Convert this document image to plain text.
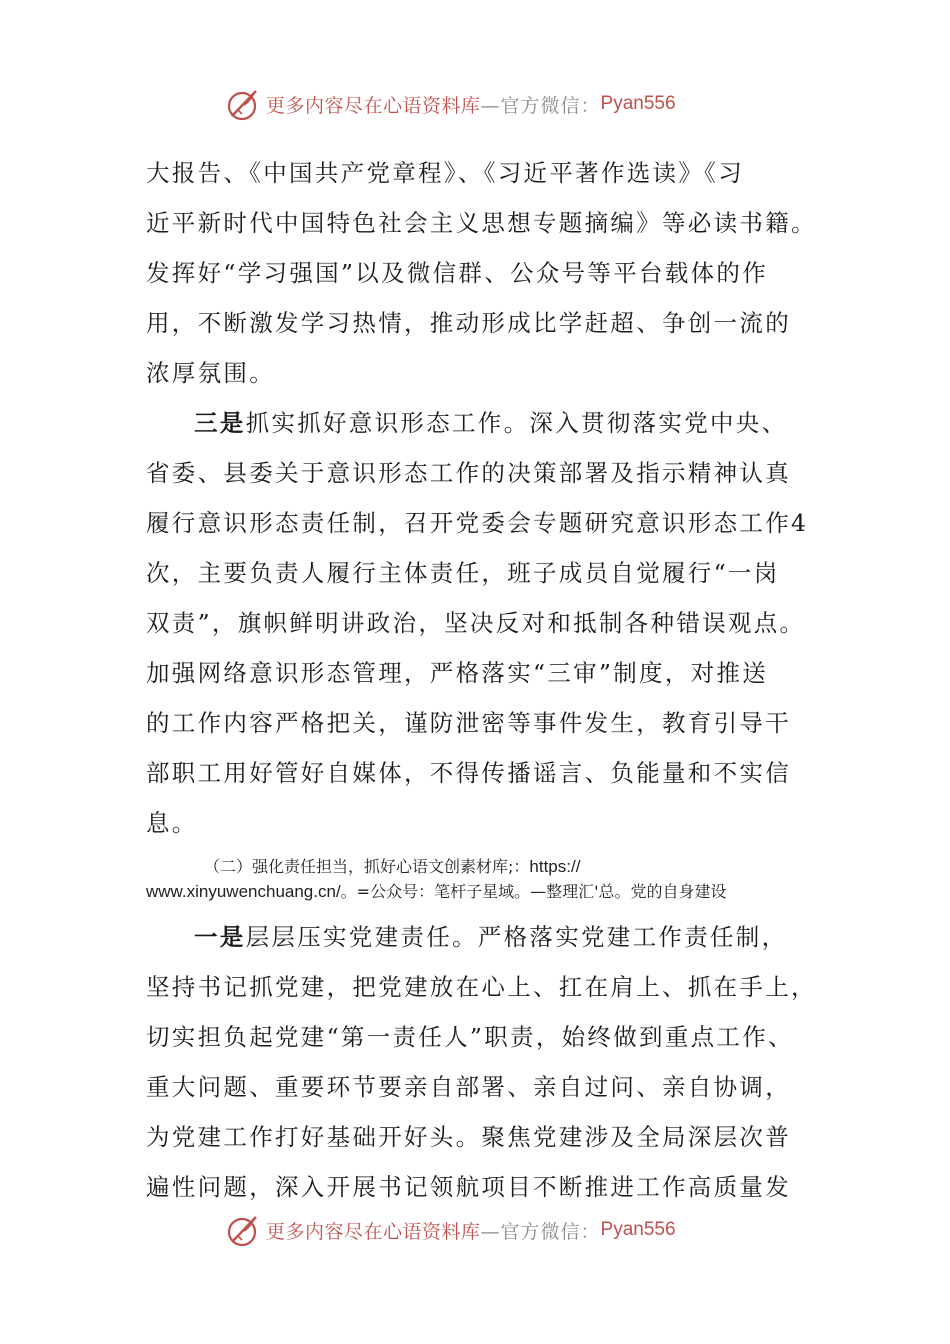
更多内容尽在心语资料库 —官方微信： Pyan556
大报告、《中国共产党章程》、《习近平著作选读》《习
近平新时代中国特色社会主义思想专题摘编》等必读书籍。
发挥好“学习强国”以及微信群、公众号等平台载体的作
用，不断激发学习热情，推动形成比学赶超、争创一流的
浓厚氛围。
三是抓实抓好意识形态工作。深入贯彻落实党中央、
省委、县委关于意识形态工作的决策部署及指示精神认真
履行意识形态责任制，召开党委会专题研究意识形态工作4
次，主要负责人履行主体责任，班子成员自觉履行“一岗
双责”，旗帜鲜明讲政治，坚决反对和抵制各种错误观点。
加强网络意识形态管理，严格落实“三审”制度，对推送
的工作内容严格把关，谨防泄密等事件发生，教育引导干
部职工用好管好自媒体，不得传播谣言、负能量和不实信
息。
（二）强化责任担当，抓好心语文创素材库;：https://
www.xinyuwenchuang.cn/。=公众号：笔杆子星域。—整理汇'总。党的自身建设
一是层层压实党建责任。严格落实党建工作责任制，
坚持书记抓党建，把党建放在心上、扛在肩上、抓在手上，
切实担负起党建“第一责任人”职责，始终做到重点工作、
重大问题、重要环节要亲自部署、亲自过问、亲自协调，
为党建工作打好基础开好头。聚焦党建涉及全局深层次普
遍性问题，深入开展书记领航项目不断推进工作高质量发
更多内容尽在心语资料库 —官方微信： Pyan556
